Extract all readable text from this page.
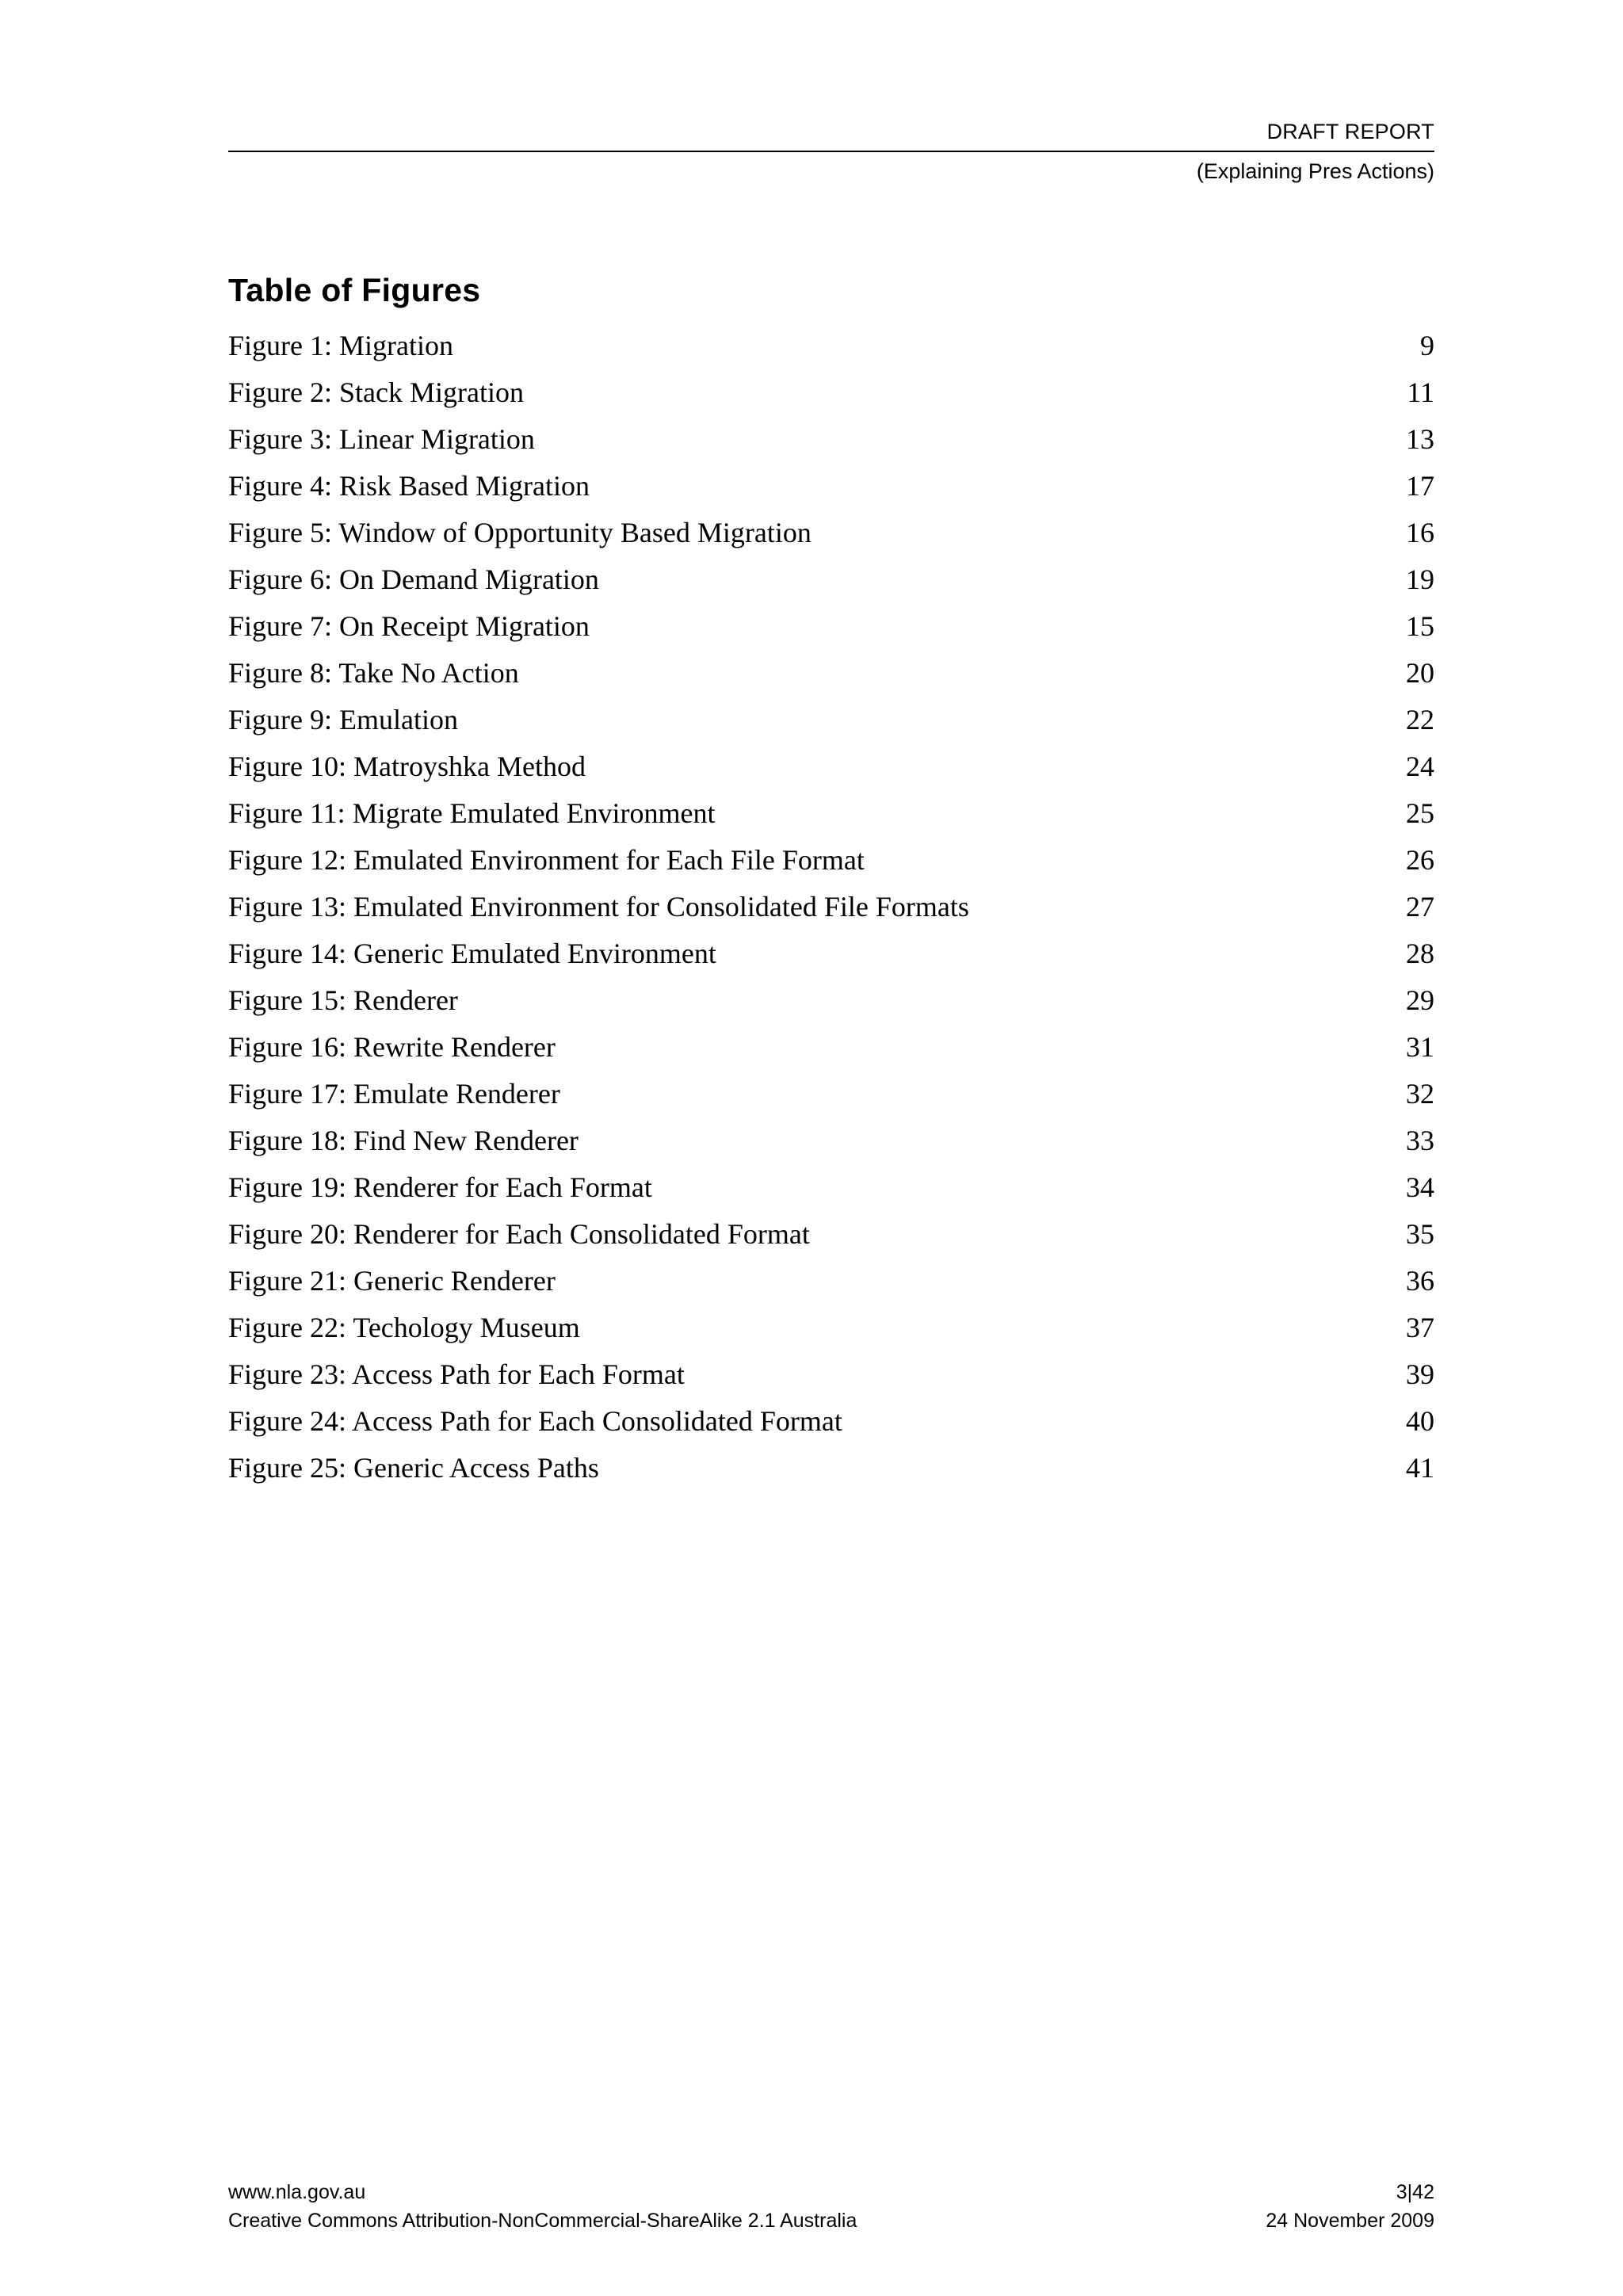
DRAFT REPORT
(Explaining Pres Actions)
Table of Figures
Figure 1: Migration	9
Figure 2: Stack Migration	11
Figure 3: Linear Migration	13
Figure 4: Risk Based Migration	17
Figure 5: Window of Opportunity Based Migration	16
Figure 6: On Demand Migration	19
Figure 7: On Receipt Migration	15
Figure 8: Take No Action	20
Figure 9: Emulation	22
Figure 10: Matroyshka Method	24
Figure 11: Migrate Emulated Environment	25
Figure 12: Emulated Environment for Each File Format	26
Figure 13: Emulated Environment for Consolidated File Formats	27
Figure 14: Generic Emulated Environment	28
Figure 15: Renderer	29
Figure 16: Rewrite Renderer	31
Figure 17: Emulate Renderer	32
Figure 18: Find New Renderer	33
Figure 19: Renderer for Each Format	34
Figure 20: Renderer for Each Consolidated Format	35
Figure 21: Generic Renderer	36
Figure 22: Techology Museum	37
Figure 23: Access Path for Each Format	39
Figure 24: Access Path for Each Consolidated Format	40
Figure 25: Generic Access Paths	41
www.nla.gov.au	3|42
Creative Commons Attribution-NonCommercial-ShareAlike 2.1 Australia	24 November 2009
